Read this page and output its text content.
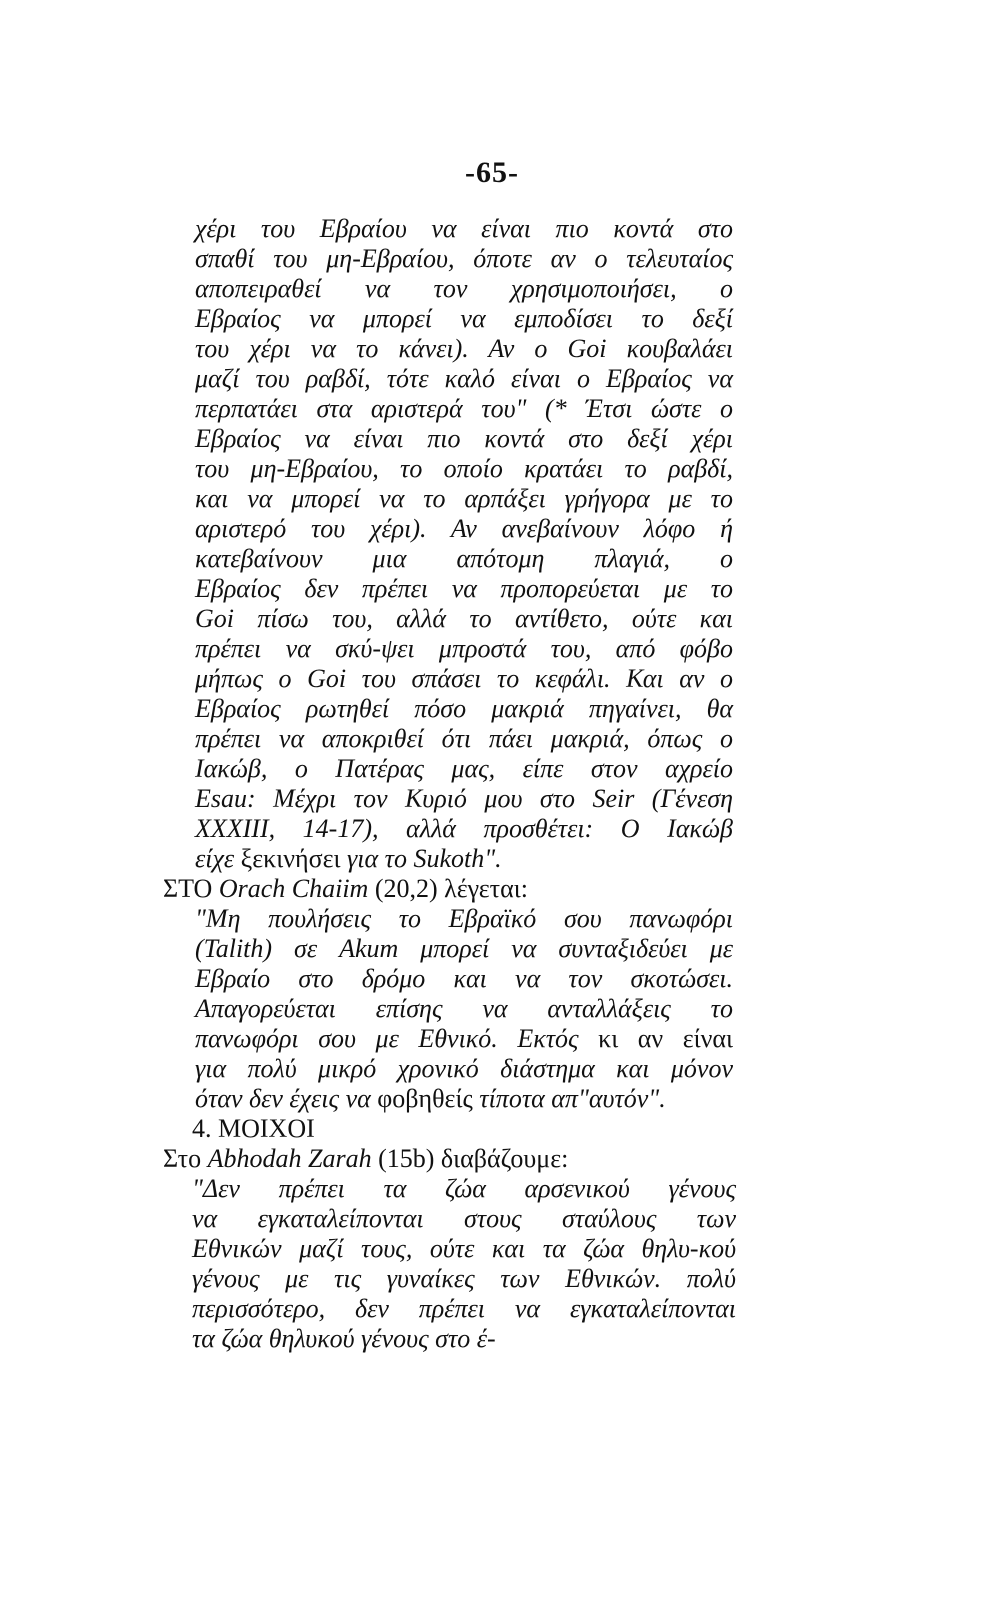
-65-
χέρι του Εβραίου να είναι πιο κοντά στο
σπαθί του μη-Εβραίου, όποτε αν ο τελευταίος
αποπειραθεί να τον χρησιμοποιήσει, ο
Εβραίος να μπορεί να εμποδίσει το δεξί
του χέρι να το κάνει). Αν ο Goi κουβαλάει
μαζί του ραβδί, τότε καλό είναι ο Εβραίος να
περπατάει στα αριστερά του" (* Έτσι ώστε ο
Εβραίος να είναι πιο κοντά στο δεξί χέρι
του μη-Εβραίου, το οποίο κρατάει το ραβδί,
και να μπορεί να το αρπάξει γρήγορα με το
αριστερό του χέρι). Αν ανεβαίνουν λόφο ή
κατεβαίνουν μια απότομη πλαγιά, ο
Εβραίος δεν πρέπει να προπορεύεται με το
Goi πίσω του, αλλά το αντίθετο, ούτε και
πρέπει να σκύ-ψει μπροστά του, από φόβο
μήπως ο Goi του σπάσει το κεφάλι. Και αν ο
Εβραίος ρωτηθεί πόσο μακριά πηγαίνει, θα
πρέπει να αποκριθεί ότι πάει μακριά, όπως ο
Ιακώβ, ο Πατέρας μας, είπε στον αχρείο
Esau: Μέχρι τον Κυριό μου στο Seir (Γένεση
XXXIII, 14-17), αλλά προσθέτει: Ο Ιακώβ
είχε ξεκινήσει για το Sukoth".
ΣΤΟ Orach Chaiim (20,2) λέγεται:
"Μη πουλήσεις το Εβραϊκό σου πανωφόρι
(Talith) σε Akum μπορεί να συνταξιδεύει με
Εβραίο στο δρόμο και να τον σκοτώσει.
Απαγορεύεται επίσης να ανταλλάξεις το
πανωφόρι σου με Εθνικό. Εκτός κι αν είναι
για πολύ μικρό χρονικό διάστημα και μόνον
όταν δεν έχεις να φοβηθείς τίποτα απ"αυτόν".
4. ΜΟΙΧΟΙ
Στο Abhodah Zarah (15b) διαβάζουμε:
"Δεν πρέπει τα ζώα αρσενικού γένους
να εγκαταλείπονται στους σταύλους των
Εθνικών μαζί τους, ούτε και τα ζώα θηλυ-κού
γένους με τις γυναίκες των Εθνικών. πολύ
περισσότερο, δεν πρέπει να εγκαταλείπονται
τα ζώα θηλυκού γένους στο έ-
